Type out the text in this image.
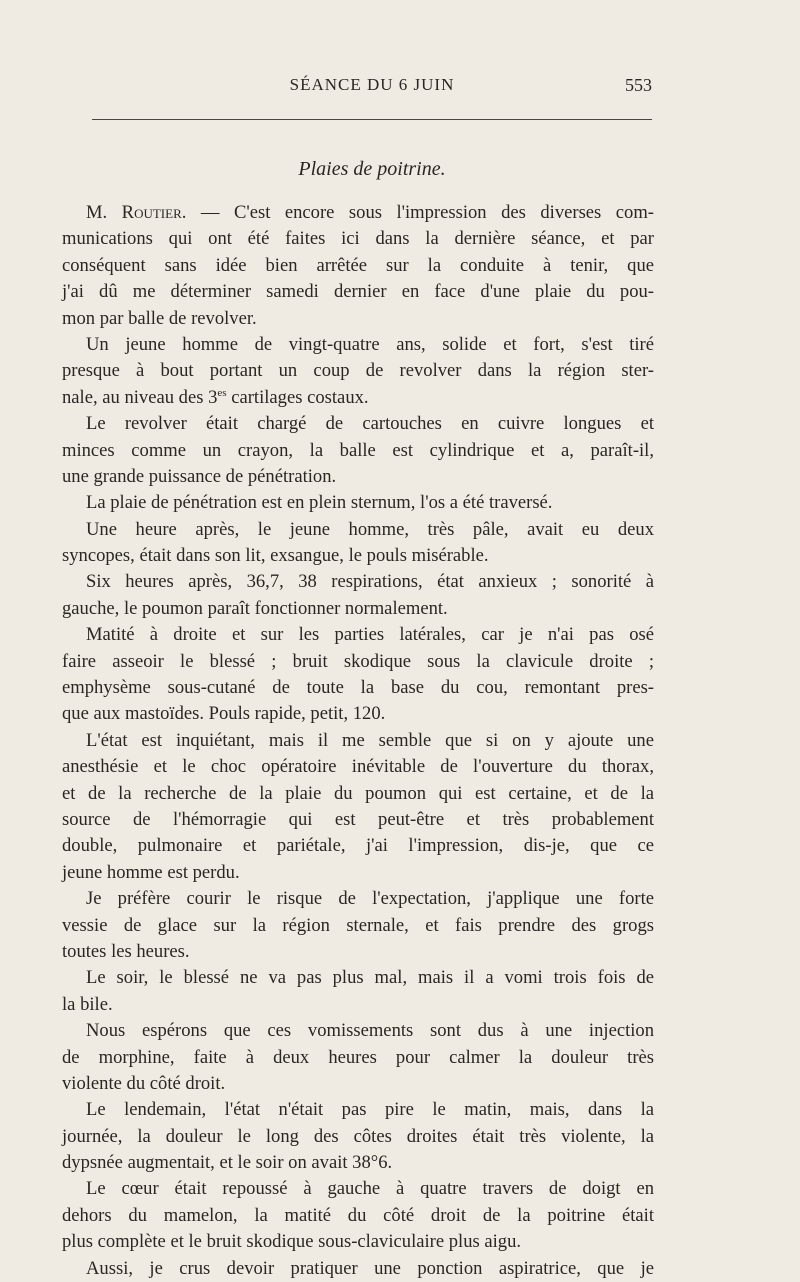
SÉANCE DU 6 JUIN	553
Plaies de poitrine.
M. Routier. — C'est encore sous l'impression des diverses com-
munications qui ont été faites ici dans la dernière séance, et par
conséquent sans idée bien arrêtée sur la conduite à tenir, que
j'ai dû me déterminer samedi dernier en face d'une plaie du pou-
mon par balle de revolver.
Un jeune homme de vingt-quatre ans, solide et fort, s'est tiré
presque à bout portant un coup de revolver dans la région ster-
nale, au niveau des $3^{es}$ cartilages costaux.
Le revolver était chargé de cartouches en cuivre longues et
minces comme un crayon, la balle est cylindrique et a, paraît-il,
une grande puissance de pénétration.
La plaie de pénétration est en plein sternum, l'os a été traversé.
Une heure après, le jeune homme, très pâle, avait eu deux
syncopes, était dans son lit, exsangue, le pouls misérable.
Six heures après, 36,7, 38 respirations, état anxieux ; sonorité à
gauche, le poumon paraît fonctionner normalement.
Matité à droite et sur les parties latérales, car je n'ai pas osé
faire asseoir le blessé ; bruit skodique sous la clavicule droite ;
emphysème sous-cutané de toute la base du cou, remontant pres-
que aux mastoïdes. Pouls rapide, petit, 120.
L'état est inquiétant, mais il me semble que si on y ajoute une
anesthésie et le choc opératoire inévitable de l'ouverture du thorax,
et de la recherche de la plaie du poumon qui est certaine, et de la
source de l'hémorragie qui est peut-être et très probablement
double, pulmonaire et pariétale, j'ai l'impression, dis-je, que ce
jeune homme est perdu.
Je préfère courir le risque de l'expectation, j'applique une forte
vessie de glace sur la région sternale, et fais prendre des grogs
toutes les heures.
Le soir, le blessé ne va pas plus mal, mais il a vomi trois fois de
la bile.
Nous espérons que ces vomissements sont dus à une injection
de morphine, faite à deux heures pour calmer la douleur très
violente du côté droit.
Le lendemain, l'état n'était pas pire le matin, mais, dans la
journée, la douleur le long des côtes droites était très violente, la
dypsnée augmentait, et le soir on avait 38°6.
Le cœur était repoussé à gauche à quatre travers de doigt en
dehors du mamelon, la matité du côté droit de la poitrine était
plus complète et le bruit skodique sous-claviculaire plus aigu.
Aussi, je crus devoir pratiquer une ponction aspiratrice, que je
